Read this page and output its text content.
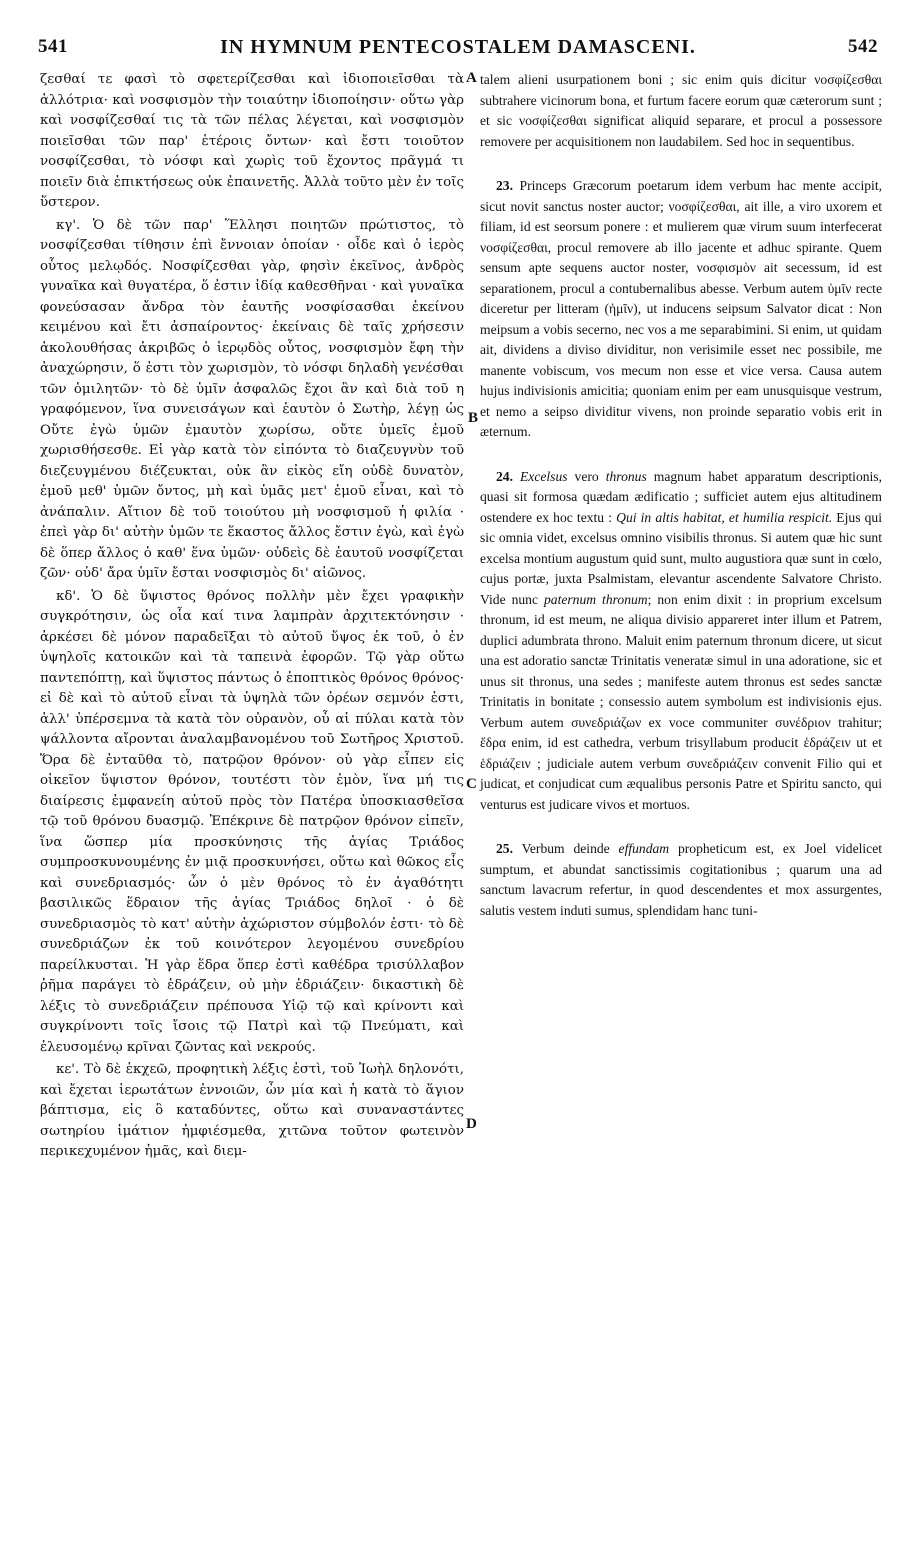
541	IN HYMNUM PENTECOSTALEM DAMASCENI.	542

ζεσθαί τε φασὶ τὸ σφετερίζεσθαι καὶ ἰδιοποιεῖσθαι τὰ ἀλλότρια· καὶ νοσφισμὸν τὴν τοιαύτην ἰδιοποίησιν· οὕτω γὰρ καὶ νοσφίζεσθαί τις τὰ τῶν πέλας λέγεται, καὶ νοσφισμὸν ποιεῖσθαι τῶν παρ' ἑτέροις ὄντων· καὶ ἔστι τοιοῦτον νοσφίζεσθαι, τὸ νόσφι καὶ χωρὶς τοῦ ἔχοντος πρᾶγμά τι ποιεῖν διὰ ἐπικτήσεως οὐκ ἐπαινετῆς. Ἀλλὰ τοῦτο μὲν ἐν τοῖς ὕστερον.

κγ'. Ὁ δὲ τῶν παρ' Ἕλλησι ποιητῶν πρώτιστος, τὸ νοσφίζεσθαι τίθησιν ἐπὶ ἔννοιαν ὁποίαν · οἶδε καὶ ὁ ἱερὸς οὗτος μελῳδός. Νοσφίζεσθαι γὰρ, φησὶν ἐκεῖνος, ἀνδρὸς γυναῖκα καὶ θυγατέρα, ὅ ἐστιν ἰδίᾳ καθεσθῆναι · καὶ γυναῖκα φονεύσασαν ἄνδρα τὸν ἑαυτῆς νοσφίσασθαι ἐκείνου κειμένου καὶ ἔτι ἀσπαίροντος· ἐκείναις δὲ ταῖς χρήσεσιν ἀκολουθήσας ἀκριβῶς ὁ ἱερῳδὸς οὗτος, νοσφισμὸν ἔφη τὴν ἀναχώρησιν, ὅ ἐστι τὸν χωρισμὸν, τὸ νόσφι δηλαδὴ γενέσθαι τῶν ὁμιλητῶν· τὸ δὲ ὑμῖν ἀσφαλῶς ἔχοι ἂν καὶ διὰ τοῦ η γραφόμενον, ἵνα συνεισάγων καὶ ἑαυτὸν ὁ Σωτὴρ, λέγῃ ὡς Οὔτε ἐγὼ ὑμῶν ἐμαυτὸν χωρίσω, οὔτε ὑμεῖς ἐμοῦ χωρισθήσεσθε. Εἰ γὰρ κατὰ τὸν εἰπόντα τὸ διαζευγνὺν τοῦ διεζευγμένου διέζευκται, οὐκ ἂν εἰκὸς εἴη οὐδὲ δυνατὸν, ἐμοῦ μεθ' ὑμῶν ὄντος, μὴ καὶ ὑμᾶς μετ' ἐμοῦ εἶναι, καὶ τὸ ἀνάπαλιν. Αἴτιον δὲ τοῦ τοιούτου μὴ νοσφισμοῦ ἡ φιλία · ἐπεὶ γὰρ δι' αὐτὴν ὑμῶν τε ἕκαστος ἄλλος ἔστιν ἐγὼ, καὶ ἐγὼ δὲ ὅπερ ἄλλος ὁ καθ' ἕνα ὑμῶν· οὐδεὶς δὲ ἑαυτοῦ νοσφίζεται ζῶν· οὐδ' ἄρα ὑμῖν ἔσται νοσφισμὸς δι' αἰῶνος.

κδ'. Ὁ δὲ ὕψιστος θρόνος πολλὴν μὲν ἔχει γραφικὴν συγκρότησιν, ὡς οἷα καί τινα λαμπρὰν ἀρχιτεκτόνησιν · ἀρκέσει δὲ μόνον παραδεῖξαι τὸ αὐτοῦ ὕψος ἐκ τοῦ, ὁ ἐν ὑψηλοῖς κατοικῶν καὶ τὰ ταπεινὰ ἐφορῶν. Τῷ γὰρ οὕτω παντεπόπτῃ, καὶ ὕψιστος πάντως ὁ ἐποπτικὸς θρόνος θρόνος· εἰ δὲ καὶ τὸ αὐτοῦ εἶναι τὰ ὑψηλὰ τῶν ὀρέων σεμνόν ἐστι, ἀλλ' ὑπέρσεμνα τὰ κατὰ τὸν οὐρανὸν, οὗ αἱ πύλαι κατὰ τὸν ψάλλοντα αἴρονται ἀναλαμβανομένου τοῦ Σωτῆρος Χριστοῦ. Ὅρα δὲ ἐνταῦθα τὸ, πατρῷον θρόνον· οὐ γὰρ εἶπεν εἰς οἰκεῖον ὕψιστον θρόνον, τουτέστι τὸν ἐμὸν, ἵνα μή τις διαίρεσις ἐμφανείη αὐτοῦ πρὸς τὸν Πατέρα ὑποσκιασθεῖσα τῷ τοῦ θρόνου δυασμῷ. Ἐπέκρινε δὲ πατρῷον θρόνον εἰπεῖν, ἵνα ὥσπερ μία προσκύνησις τῆς ἁγίας Τριάδος συμπροσκυνουμένης ἐν μιᾷ προσκυνήσει, οὕτω καὶ θῶκος εἷς καὶ συνεδριασμός· ὧν ὁ μὲν θρόνος τὸ ἐν ἀγαθότητι βασιλικῶς ἕδραιον τῆς ἁγίας Τριάδος δηλοῖ · ὁ δὲ συνεδριασμὸς τὸ κατ' αὐτὴν ἀχώριστον σύμβολόν ἐστι· τὸ δὲ συνεδριάζων ἐκ τοῦ κοινότερον λεγομένου συνεδρίου παρείλκυσται. Ἡ γὰρ ἕδρα ὅπερ ἐστὶ καθέδρα τρισύλλαβον ῥῆμα παράγει τὸ ἑδράζειν, οὐ μὴν ἑδριάζειν· δικαστικὴ δὲ λέξις τὸ συνεδριάζειν πρέπουσα Υἱῷ τῷ καὶ κρίνοντι καὶ συγκρίνοντι τοῖς ἴσοις τῷ Πατρὶ καὶ τῷ Πνεύματι, καὶ ἐλευσομένῳ κρῖναι ζῶντας καὶ νεκρούς.

κε'. Τὸ δὲ ἐκχεῶ, προφητικὴ λέξις ἐστὶ, τοῦ Ἰωὴλ δηλονότι, καὶ ἔχεται ἱερωτάτων ἐννοιῶν, ὧν μία καὶ ἡ κατὰ τὸ ἅγιον βάπτισμα, εἰς ὃ καταδύντες, οὕτω καὶ συναναστάντες σωτηρίου ἱμάτιον ἠμφιέσμεθα, χιτῶνα τοῦτον φωτεινὸν περικεχυμένον ἡμᾶς, καὶ διεμ-

A
B
C
D

talem alieni usurpationem boni ; sic enim quis dicitur νοσφίζεσθαι subtrahere vicinorum bona, et furtum facere eorum quæ cæterorum sunt ; et sic νοσφίζεσθαι significat aliquid separare, et procul a possessore removere per acquisitionem non laudabilem. Sed hoc in sequentibus.

23. Princeps Græcorum poetarum idem verbum hac mente accipit, sicut novit sanctus noster auctor; νοσφίζεσθαι, ait ille, a viro uxorem et filiam, id est seorsum ponere : et mulierem quæ virum suum interfecerat νοσφίζεσθαι, procul removere ab illo jacente et adhuc spirante. Quem sensum apte sequens auctor noster, νοσφισμὸν ait secessum, id est separationem, procul a contubernalibus abesse. Verbum autem ὑμῖν recte diceretur per litteram (ἡμῖν), ut inducens seipsum Salvator dicat : Non meipsum a vobis secerno, nec vos a me separabimini. Si enim, ut quidam ait, dividens a diviso dividitur, non verisimile esset nec possibile, me manente vobiscum, vos mecum non esse et vice versa. Causa autem hujus indivisionis amicitia; quoniam enim per eam unusquisque vestrum, et nemo a seipso dividitur vivens, non proinde separatio vobis erit in æternum.

24. Excelsus vero thronus magnum habet apparatum descriptionis, quasi sit formosa quædam ædificatio ; sufficiet autem ejus altitudinem ostendere ex hoc textu : Qui in altis habitat, et humilia respicit. Ejus qui sic omnia videt, excelsus omnino visibilis thronus. Si autem quæ hic sunt excelsa montium augustum quid sunt, multo augustiora quæ sunt in cœlo, cujus portæ, juxta Psalmistam, elevantur ascendente Salvatore Christo. Vide nunc paternum thronum; non enim dixit : in proprium excelsum thronum, id est meum, ne aliqua divisio appareret inter illum et Patrem, duplici adumbrata throno. Maluit enim paternum thronum dicere, ut sicut una est adoratio sanctæ Trinitatis veneratæ simul in una adoratione, sic et unus sit thronus, una sedes ; manifeste autem thronus est sedes sanctæ Trinitatis in bonitate ; consessio autem symbolum est indivisionis ejus. Verbum autem συνεδριάζων ex voce communiter συνέδριον trahitur; ἕδρα enim, id est cathedra, verbum trisyllabum producit ἑδράζειν ut et ἑδριάζειν ; judiciale autem verbum συνεδριάζειν convenit Filio qui et judicat, et conjudicat cum æqualibus personis Patre et Spiritu sancto, qui venturus est judicare vivos et mortuos.

25. Verbum deinde effundam propheticum est, ex Joel videlicet sumptum, et abundat sanctissimis cogitationibus ; quarum una ad sanctum lavacrum refertur, in quod descendentes et mox assurgentes, salutis vestem induti sumus, splendidam hanc tuni-
